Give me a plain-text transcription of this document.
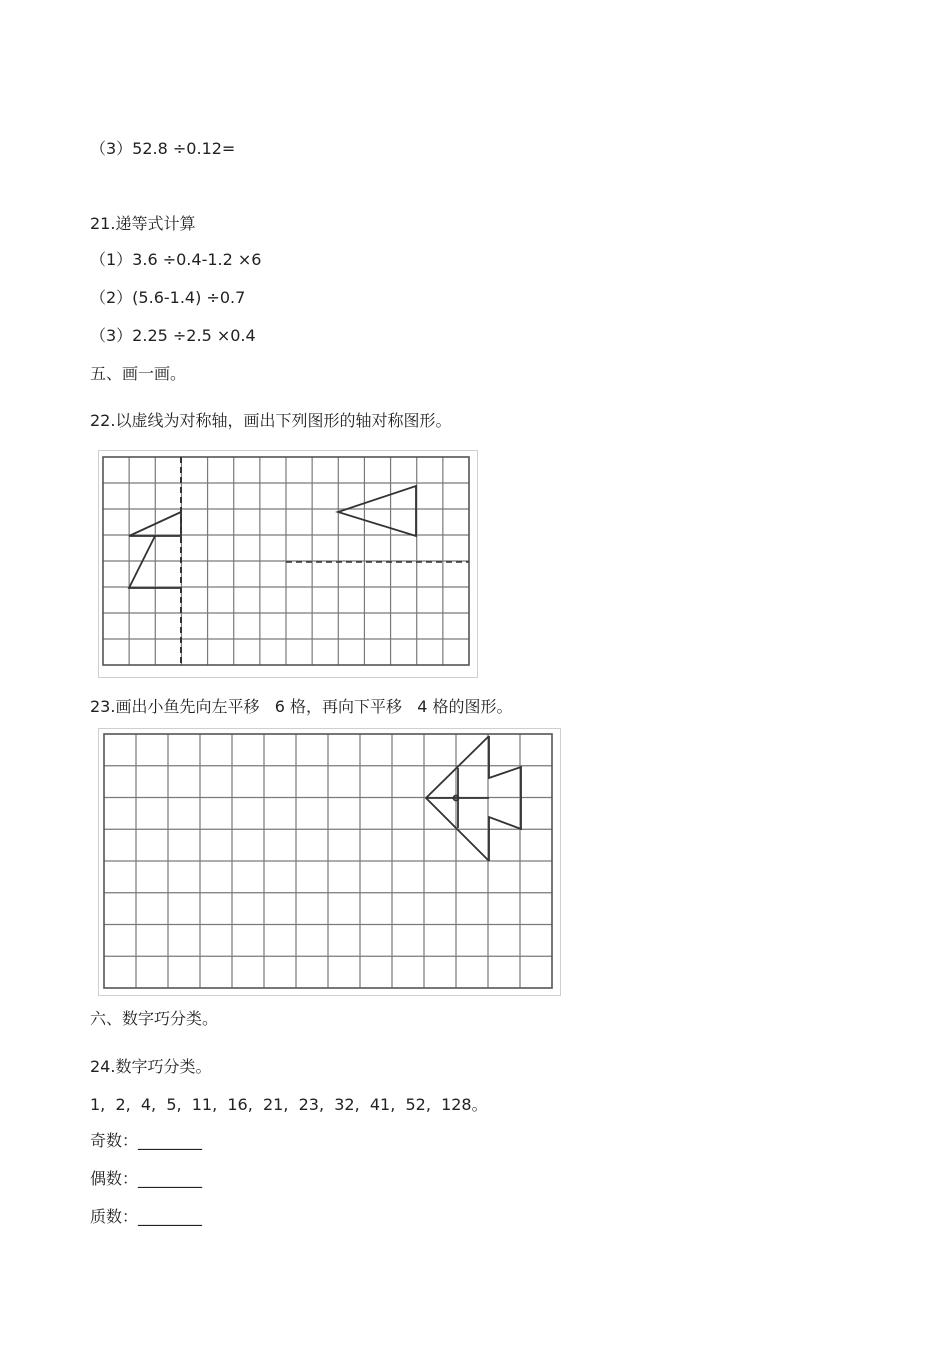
（3）52.8 ÷0.12=
21.递等式计算
（1）3.6 ÷0.4-1.2 ×6
（2）(5.6-1.4) ÷0.7
（3）2.25 ÷2.5 ×0.4
五、画一画。
22.以虚线为对称轴，画出下列图形的轴对称图形。
23.画出小鱼先向左平移   6 格，再向下平移   4 格的图形。
六、数字巧分类。
24.数字巧分类。
1,  2,  4,  5,  11,  16,  21,  23,  32,  41,  52,  128。
奇数：________
偶数：________
质数：________
